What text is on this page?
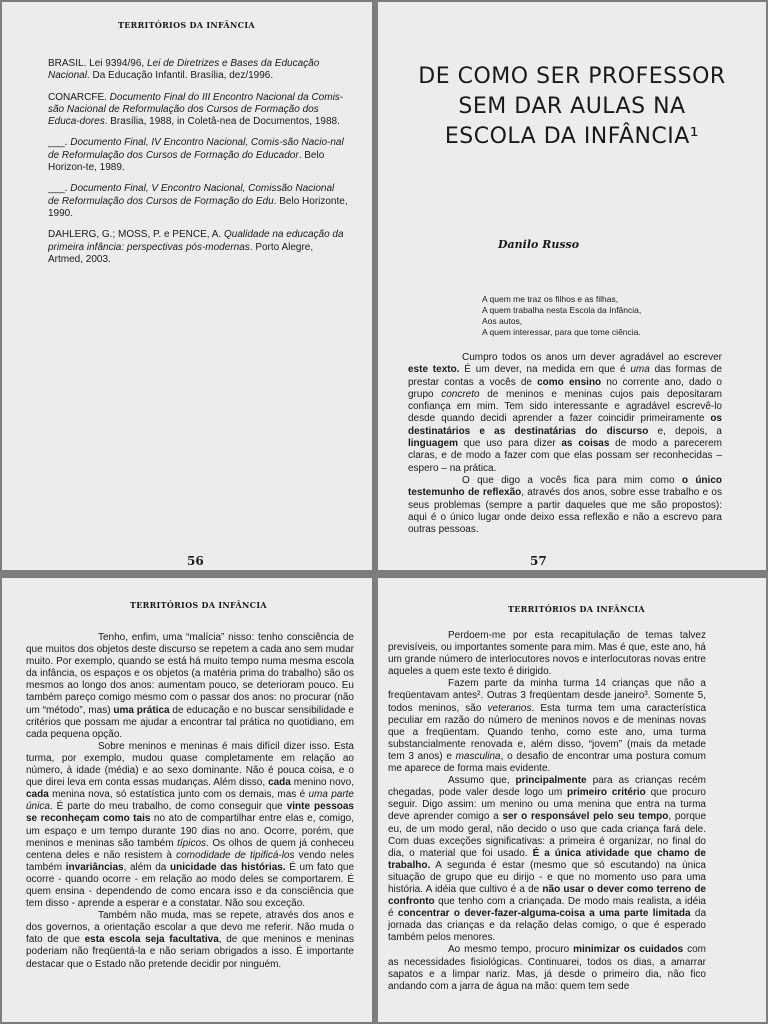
TERRITÓRIOS DA INFÂNCIA

BRASIL. Lei 9394/96, Lei de Diretrizes e Bases da Educação Nacional. Da Educação Infantil. Brasília, dez/1996.

CONARCFE. Documento Final do III Encontro Nacional da Comis-são Nacional de Reformulação dos Cursos de Formação dos Educa-dores. Brasília, 1988, in Coletâ-nea de Documentos, 1988.

___. Documento Final, IV Encontro Nacional, Comis-são Nacio-nal de Reformulação dos Cursos de Formação do Educador. Belo Horizon-te, 1989.

___. Documento Final, V Encontro Nacional, Comissão Nacional de Reformulação dos Cursos de Formação do Edu. Belo Horizonte, 1990.

DAHLERG, G.; MOSS, P. e PENCE, A. Qualidade na educação da primeira infância: perspectivas pós-modernas. Porto Alegre, Artmed, 2003.

56
DE COMO SER PROFESSOR
SEM DAR AULAS NA
ESCOLA DA INFÂNCIA¹
Danilo Russo
A quem me traz os filhos e as filhas,
A quem trabalha nesta Escola da Infância,
Aos autos,
A quem interessar, para que tome ciência.

Cumpro todos os anos um dever agradável ao escrever este texto. É um dever, na medida em que é uma das formas de prestar contas a vocês de como ensino no corrente ano, dado o grupo concreto de meninos e meninas cujos pais depositaram confiança em mim. Tem sido interessante e agradável escrevê-lo desde quando decidi aprender a fazer coincidir primeiramente os destinatários e as destinatárias do discurso e, depois, a linguagem que uso para dizer as coisas de modo a parecerem claras, e de modo a fazer com que elas possam ser reconhecidas – espero – na prática.

O que digo a vocês fica para mim como o único testemunho de reflexão, através dos anos, sobre esse trabalho e os seus problemas (sempre a partir daqueles que me são propostos): aqui é o único lugar onde deixo essa reflexão e não a escrevo para outras pessoas.

57
TERRITÓRIOS DA INFÂNCIA

Tenho, enfim, uma “malícia” nisso: tenho consciência de que muitos dos objetos deste discurso se repetem a cada ano sem mudar muito. Por exemplo, quando se está há muito tempo numa mesma escola da infância, os espaços e os objetos (a matéria prima do trabalho) são os mesmos ao longo dos anos: aumentam pouco, se deterioram pouco. Eu também pareço comigo mesmo com o passar dos anos: no procurar (não um “método”, mas) uma prática de educação e no buscar sensibilidade e critérios que possam me ajudar a encontrar tal prática no quotidiano, em cada pequena opção.

Sobre meninos e meninas é mais difícil dizer isso. Esta turma, por exemplo, mudou quase completamente em relação ao número, à idade (média) e ao sexo dominante. Não é pouca coisa, e o que direi leva em conta essas mudanças. Além disso, cada menino novo, cada menina nova, só estatística junto com os demais, mas é uma parte única. É parte do meu trabalho, de como conseguir que vinte pessoas se reconheçam como tais no ato de compartilhar entre elas e, comigo, um espaço e um tempo durante 190 dias no ano. Ocorre, porém, que meninos e meninas são também típicos. Os olhos de quem já conheceu centena deles e não resistem à comodidade de tipificá-los vendo neles também invariâncias, além da unicidade das histórias. É um fato que ocorre - quando ocorre - em relação ao modo deles se comportarem. É quem ensina - dependendo de como encara isso e da consciência que tem disso - aprende a esperar e a constatar. Não sou exceção.

Também não muda, mas se repete, através dos anos e dos governos, a orientação escolar a que devo me referir. Não muda o fato de que esta escola seja facultativa, de que meninos e meninas poderiam não freqüentá-la e não seriam obrigados a isso. É importante destacar que o Estado não pretende decidir por ninguém.

TERRITÓRIOS DA INFÂNCIA

Perdoem-me por esta recapitulação de temas talvez previsíveis, ou importantes somente para mim. Mas é que, este ano, há um grande número de interlocutores novos e interlocutoras novas entre aqueles a quem este texto é dirigido.

Fazem parte da minha turma 14 crianças que não a freqüentavam antes². Outras 3 freqüentam desde janeiro³. Somente 5, todos meninos, são veteranos. Esta turma tem uma característica peculiar em razão do número de meninos novos e de meninas novas que a freqüentam. Quando tenho, como este ano, uma turma substancialmente renovada e, além disso, “jovem” (mais da metade tem 3 anos) e masculina, o desafio de encontrar uma postura comum me aparece de forma mais evidente.

Assumo que, principalmente para as crianças recém chegadas, pode valer desde logo um primeiro critério que procuro seguir. Digo assim: um menino ou uma menina que entra na turma deve aprender comigo a ser o responsável pelo seu tempo, porque eu, de um modo geral, não decido o uso que cada criança fará dele. Com duas exceções significativas: a primeira é organizar, no final do dia, o material que foi usado. É a única atividade que chamo de trabalho. A segunda é estar (mesmo que só escutando) na única situação de grupo que eu dirijo - e que no momento uso para uma história. A idéia que cultivo é a de não usar o dever como terreno de confronto que tenho com a criançada. De modo mais realista, a idéia é concentrar o dever-fazer-alguma-coisa a uma parte limitada da jornada das crianças e da relação delas comigo, o que é esperado também pelos menores.

Ao mesmo tempo, procuro minimizar os cuidados com as necessidades fisiológicas. Continuarei, todos os dias, a amarrar sapatos e a limpar nariz. Mas, já desde o primeiro dia, não fico andando com a jarra de água na mão: quem tem sede
